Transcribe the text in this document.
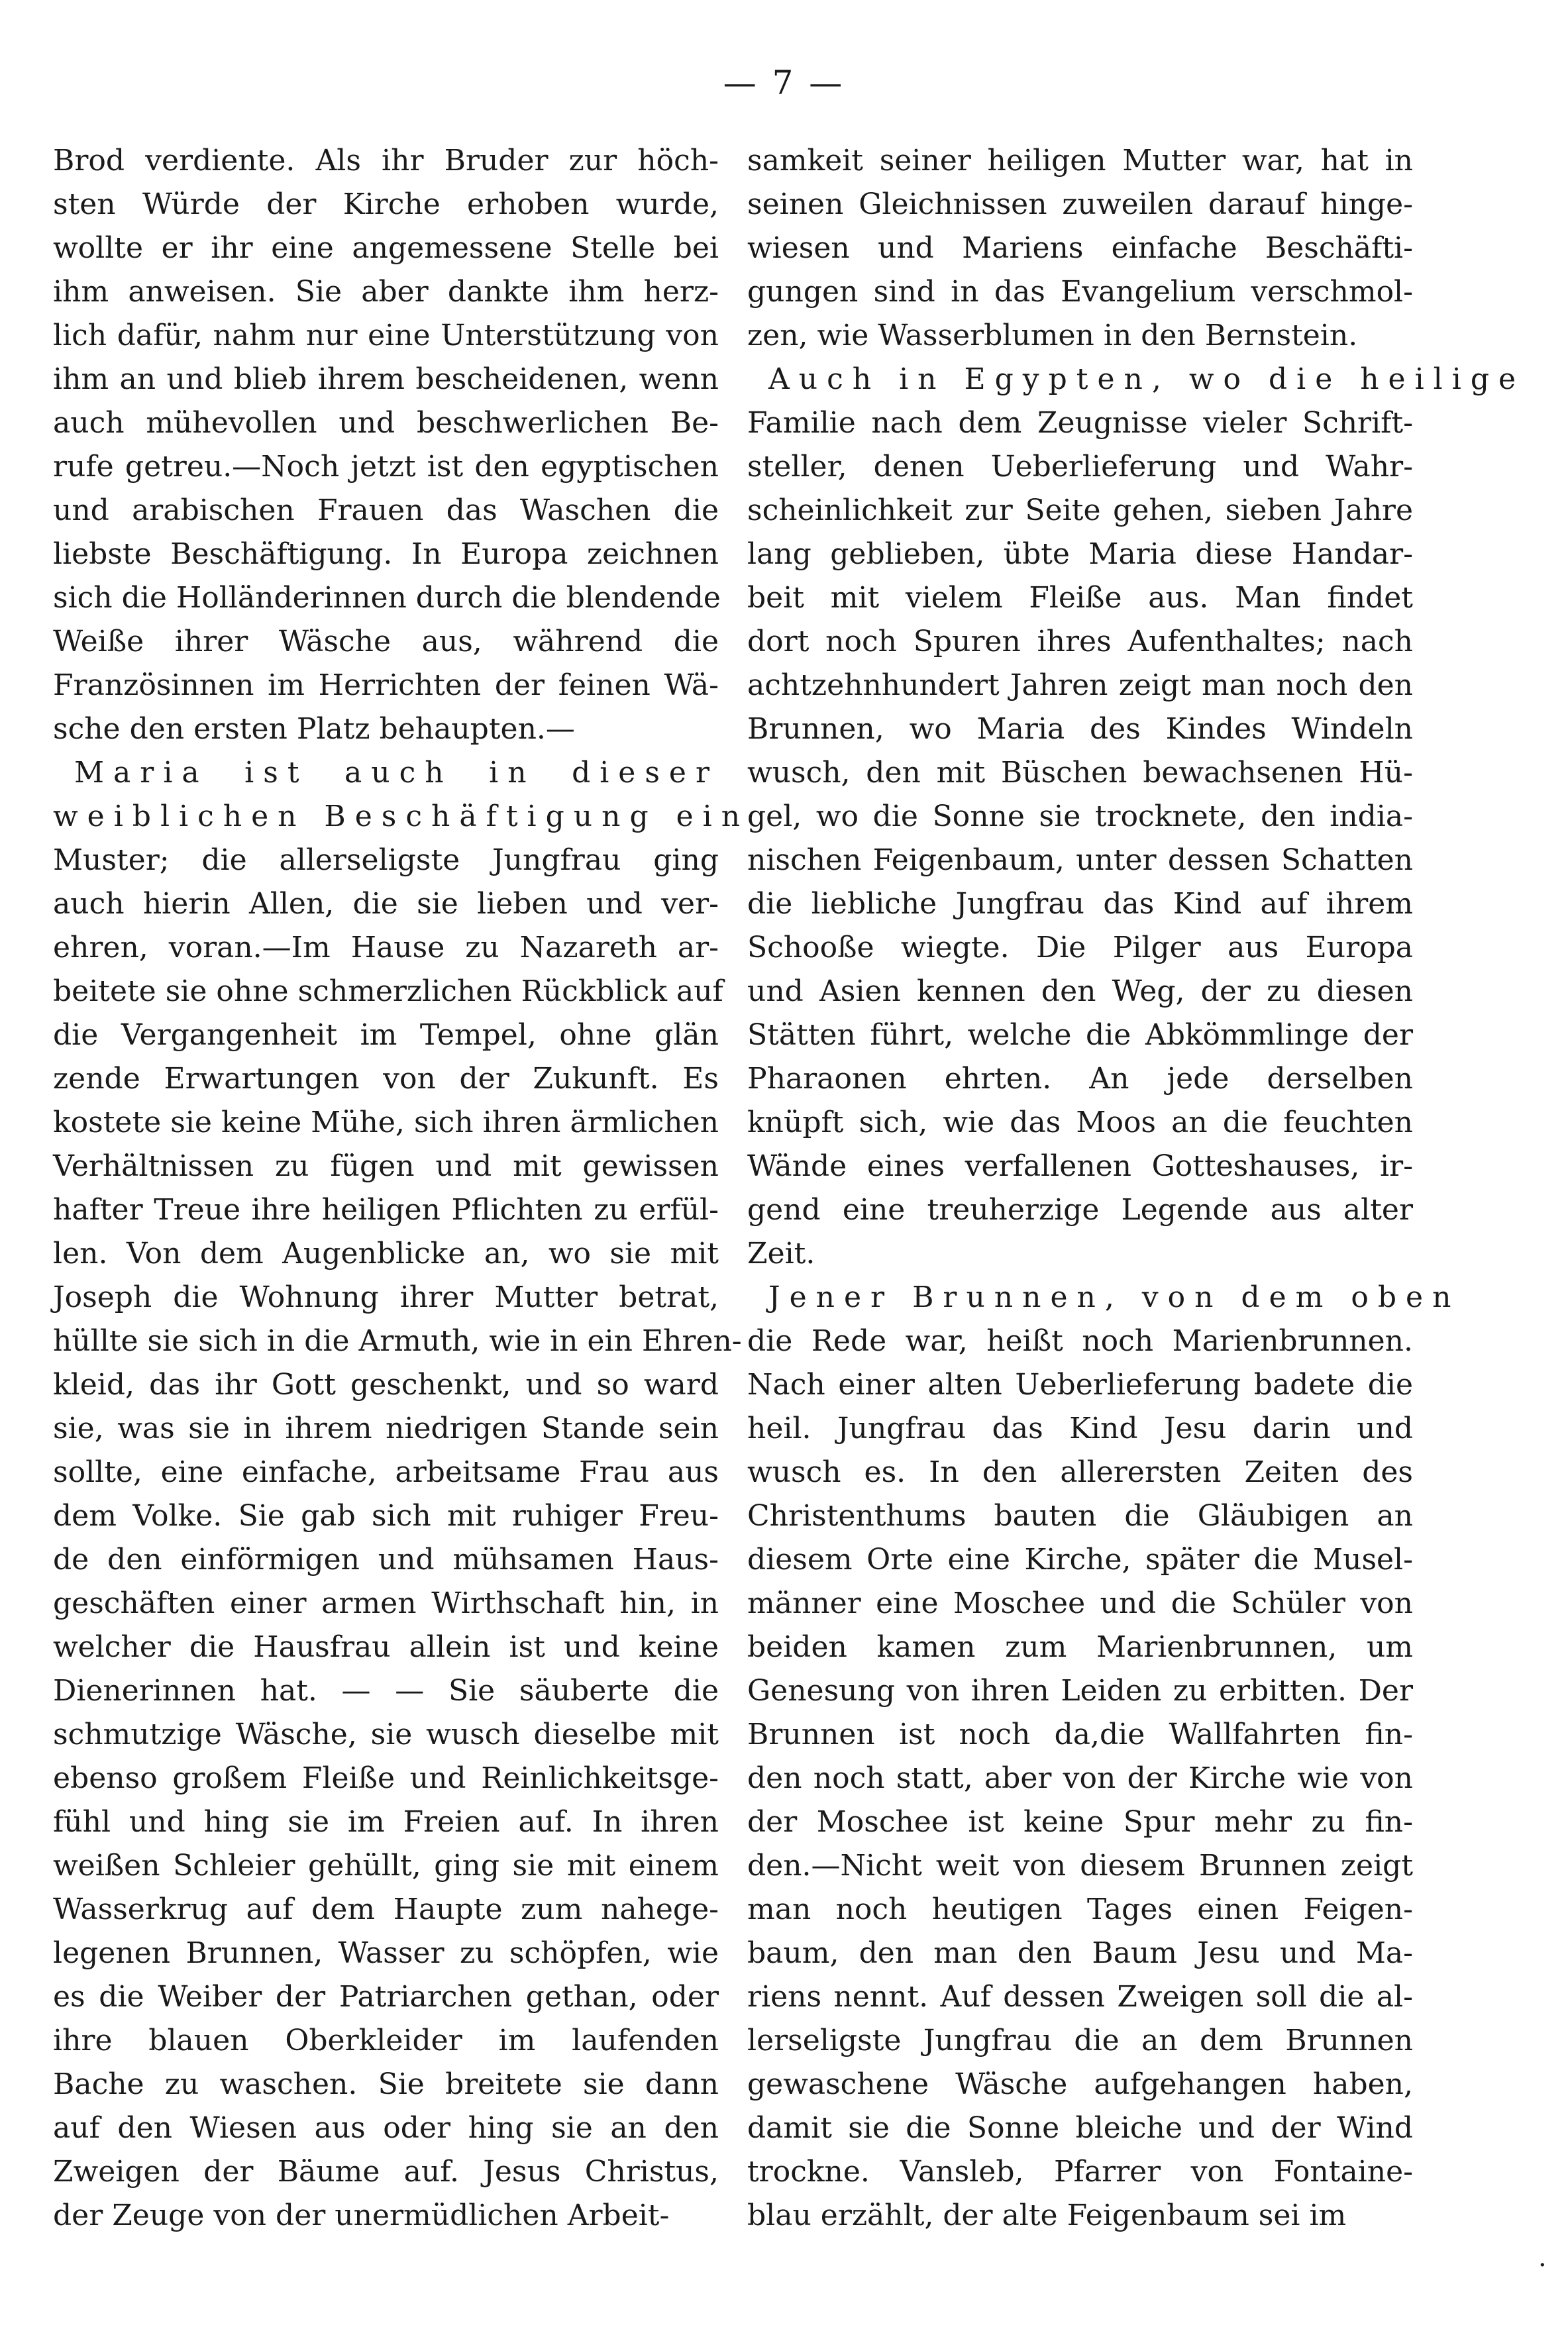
— 7 —
Brod verdiente. Als ihr Bruder zur höch-
sten Würde der Kirche erhoben wurde,
wollte er ihr eine angemessene Stelle bei
ihm anweisen. Sie aber dankte ihm herz-
lich dafür, nahm nur eine Unterstützung von
ihm an und blieb ihrem bescheidenen, wenn
auch mühevollen und beschwerlichen Be-
rufe getreu.—Noch jetzt ist den egyptischen
und arabischen Frauen das Waschen die
liebste Beschäftigung. In Europa zeichnen
sich die Holländerinnen durch die blendende
Weiße ihrer Wäsche aus, während die
Französinnen im Herrichten der feinen Wä-
sche den ersten Platz behaupten.—
Maria ist auch in dieser
weiblichen Beschäftigung ein
Muster; die allerseligste Jungfrau ging
auch hierin Allen, die sie lieben und ver-
ehren, voran.—Im Hause zu Nazareth ar-
beitete sie ohne schmerzlichen Rückblick auf
die Vergangenheit im Tempel, ohne glän
zende Erwartungen von der Zukunft. Es
kostete sie keine Mühe, sich ihren ärmlichen
Verhältnissen zu fügen und mit gewissen
hafter Treue ihre heiligen Pflichten zu erfül-
len. Von dem Augenblicke an, wo sie mit
Joseph die Wohnung ihrer Mutter betrat,
hüllte sie sich in die Armuth, wie in ein Ehren-
kleid, das ihr Gott geschenkt, und so ward
sie, was sie in ihrem niedrigen Stande sein
sollte, eine einfache, arbeitsame Frau aus
dem Volke. Sie gab sich mit ruhiger Freu-
de den einförmigen und mühsamen Haus-
geschäften einer armen Wirthschaft hin, in
welcher die Hausfrau allein ist und keine
Dienerinnen hat. — — Sie säuberte die
schmutzige Wäsche, sie wusch dieselbe mit
ebenso großem Fleiße und Reinlichkeitsge-
fühl und hing sie im Freien auf. In ihren
weißen Schleier gehüllt, ging sie mit einem
Wasserkrug auf dem Haupte zum nahege-
legenen Brunnen, Wasser zu schöpfen, wie
es die Weiber der Patriarchen gethan, oder
ihre blauen Oberkleider im laufenden
Bache zu waschen. Sie breitete sie dann
auf den Wiesen aus oder hing sie an den
Zweigen der Bäume auf. Jesus Christus,
der Zeuge von der unermüdlichen Arbeit-
samkeit seiner heiligen Mutter war, hat in
seinen Gleichnissen zuweilen darauf hinge-
wiesen und Mariens einfache Beschäfti-
gungen sind in das Evangelium verschmol-
zen, wie Wasserblumen in den Bernstein.
Auch in Egypten, wo die heilige
Familie nach dem Zeugnisse vieler Schrift-
steller, denen Ueberlieferung und Wahr-
scheinlichkeit zur Seite gehen, sieben Jahre
lang geblieben, übte Maria diese Handar-
beit mit vielem Fleiße aus. Man findet
dort noch Spuren ihres Aufenthaltes; nach
achtzehnhundert Jahren zeigt man noch den
Brunnen, wo Maria des Kindes Windeln
wusch, den mit Büschen bewachsenen Hü-
gel, wo die Sonne sie trocknete, den india-
nischen Feigenbaum, unter dessen Schatten
die liebliche Jungfrau das Kind auf ihrem
Schooße wiegte. Die Pilger aus Europa
und Asien kennen den Weg, der zu diesen
Stätten führt, welche die Abkömmlinge der
Pharaonen ehrten. An jede derselben
knüpft sich, wie das Moos an die feuchten
Wände eines verfallenen Gotteshauses, ir-
gend eine treuherzige Legende aus alter
Zeit.
Jener Brunnen, von dem oben
die Rede war, heißt noch Marienbrunnen.
Nach einer alten Ueberlieferung badete die
heil. Jungfrau das Kind Jesu darin und
wusch es. In den allerersten Zeiten des
Christenthums bauten die Gläubigen an
diesem Orte eine Kirche, später die Musel-
männer eine Moschee und die Schüler von
beiden kamen zum Marienbrunnen, um
Genesung von ihren Leiden zu erbitten. Der
Brunnen ist noch da,die Wallfahrten fin-
den noch statt, aber von der Kirche wie von
der Moschee ist keine Spur mehr zu fin-
den.—Nicht weit von diesem Brunnen zeigt
man noch heutigen Tages einen Feigen-
baum, den man den Baum Jesu und Ma-
riens nennt. Auf dessen Zweigen soll die al-
lerseligste Jungfrau die an dem Brunnen
gewaschene Wäsche aufgehangen haben,
damit sie die Sonne bleiche und der Wind
trockne. Vansleb, Pfarrer von Fontaine-
blau erzählt, der alte Feigenbaum sei im
·
